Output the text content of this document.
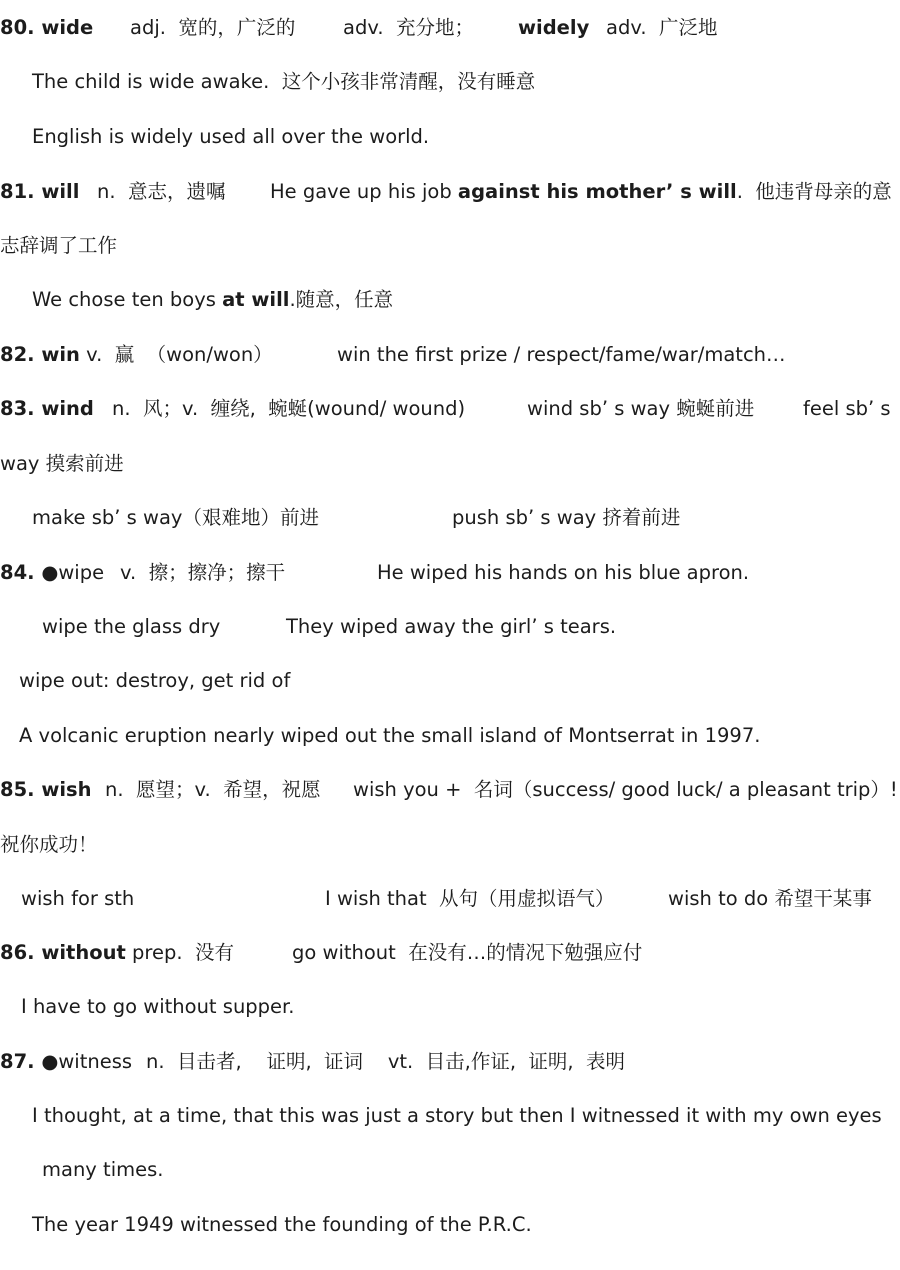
80. wide adj.  宽的，广泛的 adv.  充分地； widely adv.  广泛地
The child is wide awake.  这个小孩非常清醒，没有睡意
English is widely used all over the world.
81. will n.  意志，遗嘱 He gave up his job against his mother’ s will .  他违背母亲的意
志辞调了工作
We chose ten boys at will .随意，任意
82. win v.  赢  （won/won）	win the first prize / respect/fame/war/match…
83. wind n.  风；v.  缠绕,  蜿蜒(wound/ wound)	wind sb’ s way 蜿蜒前进	feel sb’ s
way 摸索前进
make sb’ s way（艰难地）前进	push sb’ s way 挤着前进
84. ● wipe v.  擦；擦净；擦干	He wiped his hands on his blue apron.
wipe the glass dry	They wiped away the girl’ s tears.
wipe out: destroy, get rid of
A volcanic eruption nearly wiped out the small island of Montserrat in 1997.
85. wish n.  愿望；v.  希望，祝愿 wish you +  名词（success/ good luck/ a pleasant trip）!
祝你成功！
wish for sth	I wish that  从句（用虚拟语气）	wish to do 希望干某事
86. without prep.  没有	go without  在没有…的情况下勉强应付
I have to go without supper.
87. ● witness n.  目击者,    证明,  证词    vt.  目击,作证,  证明,  表明
I thought, at a time, that this was just a story but then I witnessed it with my own eyes
many times.
The year 1949 witnessed the founding of the P.R.C.
